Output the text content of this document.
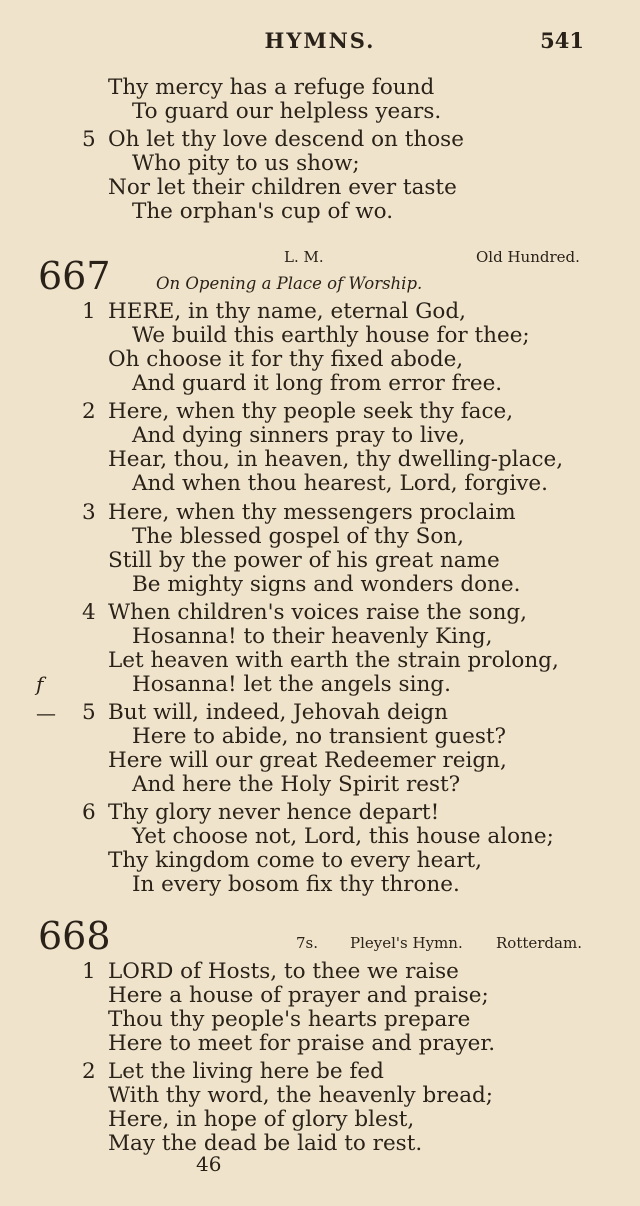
HYMNS.	541
Thy mercy has a refuge found
To guard our helpless years.
5 Oh let thy love descend on those
Who pity to us show;
Nor let their children ever taste
The orphan's cup of wo.
L. M.	Old Hundred.
667	On Opening a Place of Worship.
1 HERE, in thy name, eternal God,
We build this earthly house for thee;
Oh choose it for thy fixed abode,
And guard it long from error free.
2 Here, when thy people seek thy face,
And dying sinners pray to live,
Hear, thou, in heaven, thy dwelling-place,
And when thou hearest, Lord, forgive.
3 Here, when thy messengers proclaim
The blessed gospel of thy Son,
Still by the power of his great name
Be mighty signs and wonders done.
4 When children's voices raise the song,
Hosanna! to their heavenly King,
Let heaven with earth the strain prolong,
f	Hosanna! let the angels sing.
— 5 But will, indeed, Jehovah deign
Here to abide, no transient guest?
Here will our great Redeemer reign,
And here the Holy Spirit rest?
6 Thy glory never hence depart!
Yet choose not, Lord, this house alone;
Thy kingdom come to every heart,
In every bosom fix thy throne.
668	7s. Pleyel's Hymn. Rotterdam.
1 LORD of Hosts, to thee we raise
Here a house of prayer and praise;
Thou thy people's hearts prepare
Here to meet for praise and prayer.
2 Let the living here be fed
With thy word, the heavenly bread;
Here, in hope of glory blest,
May the dead be laid to rest.
46
